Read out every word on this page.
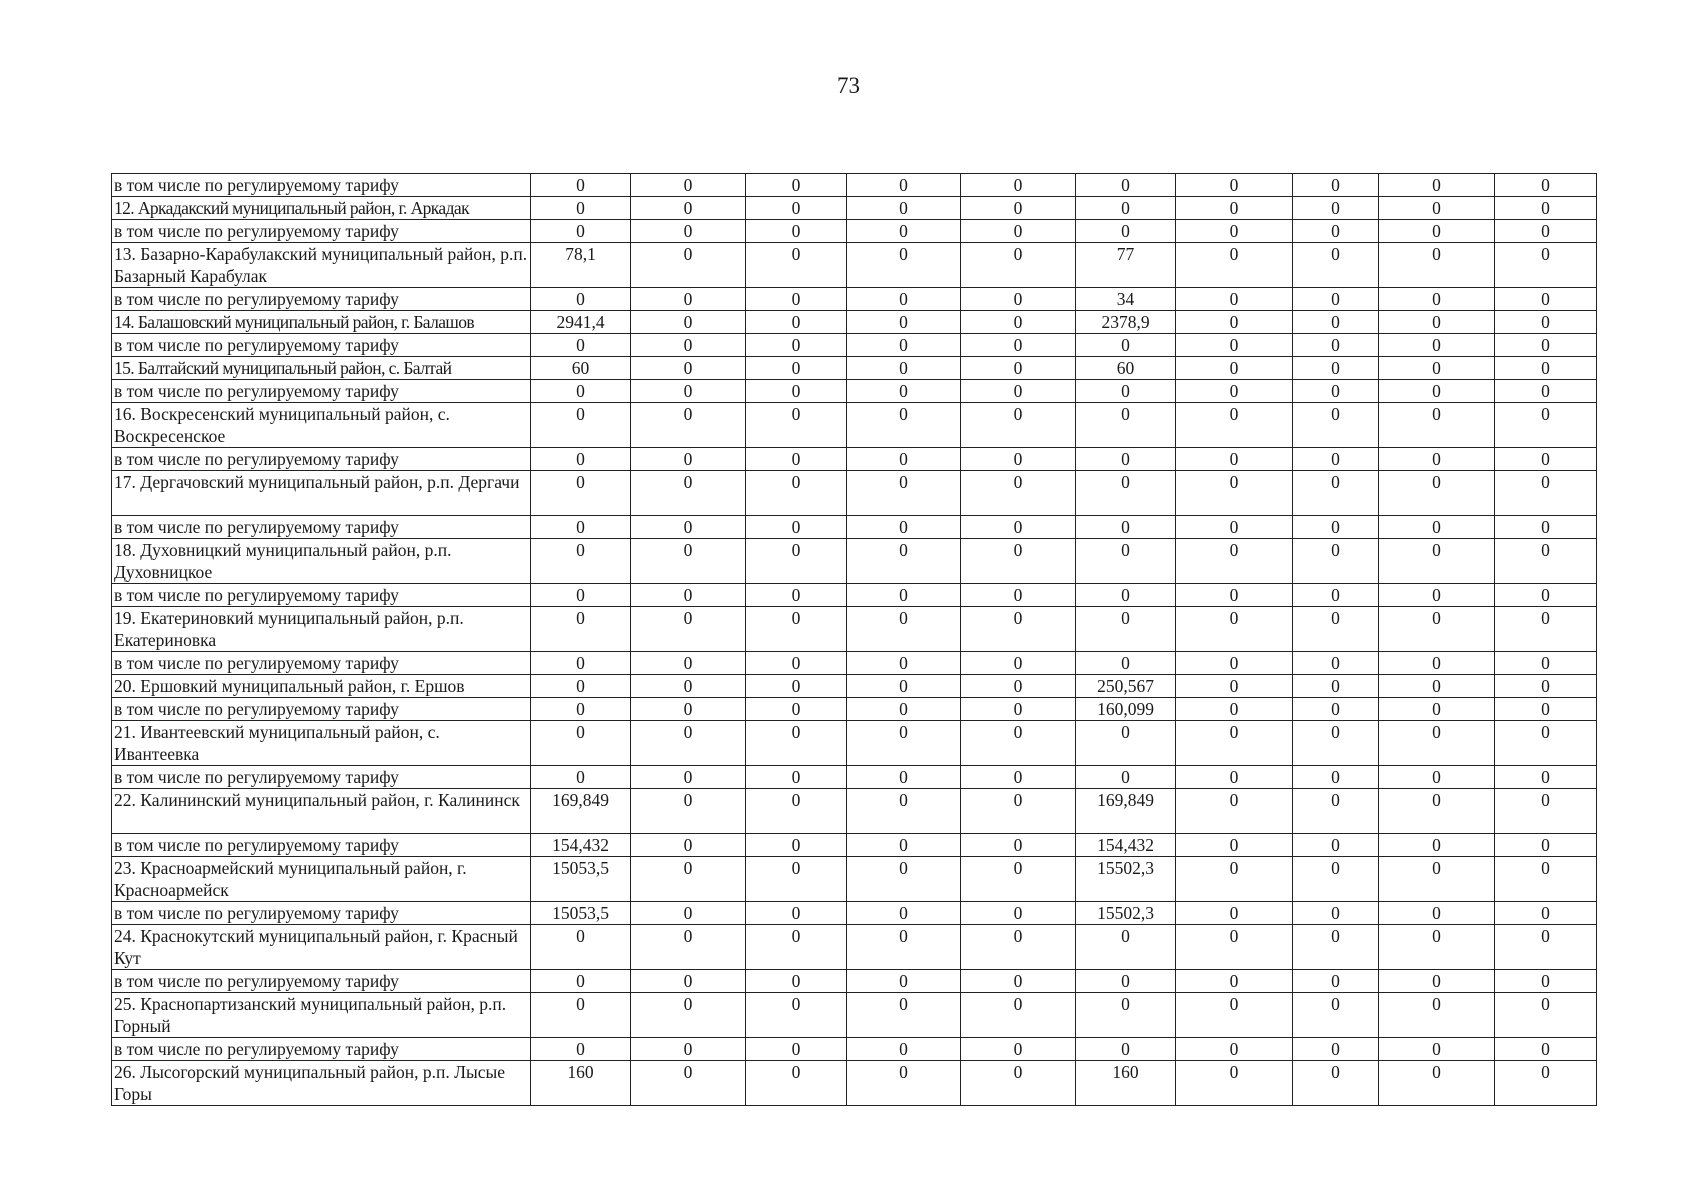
73
в том числе по регулируемому тарифу	0	0	0	0	0	0	0	0	0	0
12. Аркадакский муниципальный район, г. Аркадак	0	0	0	0	0	0	0	0	0	0
в том числе по регулируемому тарифу	0	0	0	0	0	0	0	0	0	0
13. Базарно-Карабулакский муниципальный район, р.п. Базарный Карабулак	78,1	0	0	0	0	77	0	0	0	0
в том числе по регулируемому тарифу	0	0	0	0	0	34	0	0	0	0
14. Балашовский муниципальный район, г. Балашов	2941,4	0	0	0	0	2378,9	0	0	0	0
в том числе по регулируемому тарифу	0	0	0	0	0	0	0	0	0	0
15. Балтайский муниципальный район, с. Балтай	60	0	0	0	0	60	0	0	0	0
в том числе по регулируемому тарифу	0	0	0	0	0	0	0	0	0	0
16. Воскресенский муниципальный район, с. Воскресенское	0	0	0	0	0	0	0	0	0	0
в том числе по регулируемому тарифу	0	0	0	0	0	0	0	0	0	0
17. Дергачовский муниципальный район, р.п. Дергачи	0	0	0	0	0	0	0	0	0	0
в том числе по регулируемому тарифу	0	0	0	0	0	0	0	0	0	0
18. Духовницкий муниципальный район, р.п. Духовницкое	0	0	0	0	0	0	0	0	0	0
в том числе по регулируемому тарифу	0	0	0	0	0	0	0	0	0	0
19. Екатериновкий муниципальный район, р.п. Екатериновка	0	0	0	0	0	0	0	0	0	0
в том числе по регулируемому тарифу	0	0	0	0	0	0	0	0	0	0
20. Ершовкий муниципальный район, г. Ершов	0	0	0	0	0	250,567	0	0	0	0
в том числе по регулируемому тарифу	0	0	0	0	0	160,099	0	0	0	0
21. Ивантеевский муниципальный район, с. Ивантеевка	0	0	0	0	0	0	0	0	0	0
в том числе по регулируемому тарифу	0	0	0	0	0	0	0	0	0	0
22. Калининский муниципальный район, г. Калининск	169,849	0	0	0	0	169,849	0	0	0	0
в том числе по регулируемому тарифу	154,432	0	0	0	0	154,432	0	0	0	0
23. Красноармейский муниципальный район, г. Красноармейск	15053,5	0	0	0	0	15502,3	0	0	0	0
в том числе по регулируемому тарифу	15053,5	0	0	0	0	15502,3	0	0	0	0
24. Краснокутский муниципальный район, г. Красный Кут	0	0	0	0	0	0	0	0	0	0
в том числе по регулируемому тарифу	0	0	0	0	0	0	0	0	0	0
25. Краснопартизанский муниципальный район, р.п. Горный	0	0	0	0	0	0	0	0	0	0
в том числе по регулируемому тарифу	0	0	0	0	0	0	0	0	0	0
26. Лысогорский муниципальный район, р.п. Лысые Горы	160	0	0	0	0	160	0	0	0	0
